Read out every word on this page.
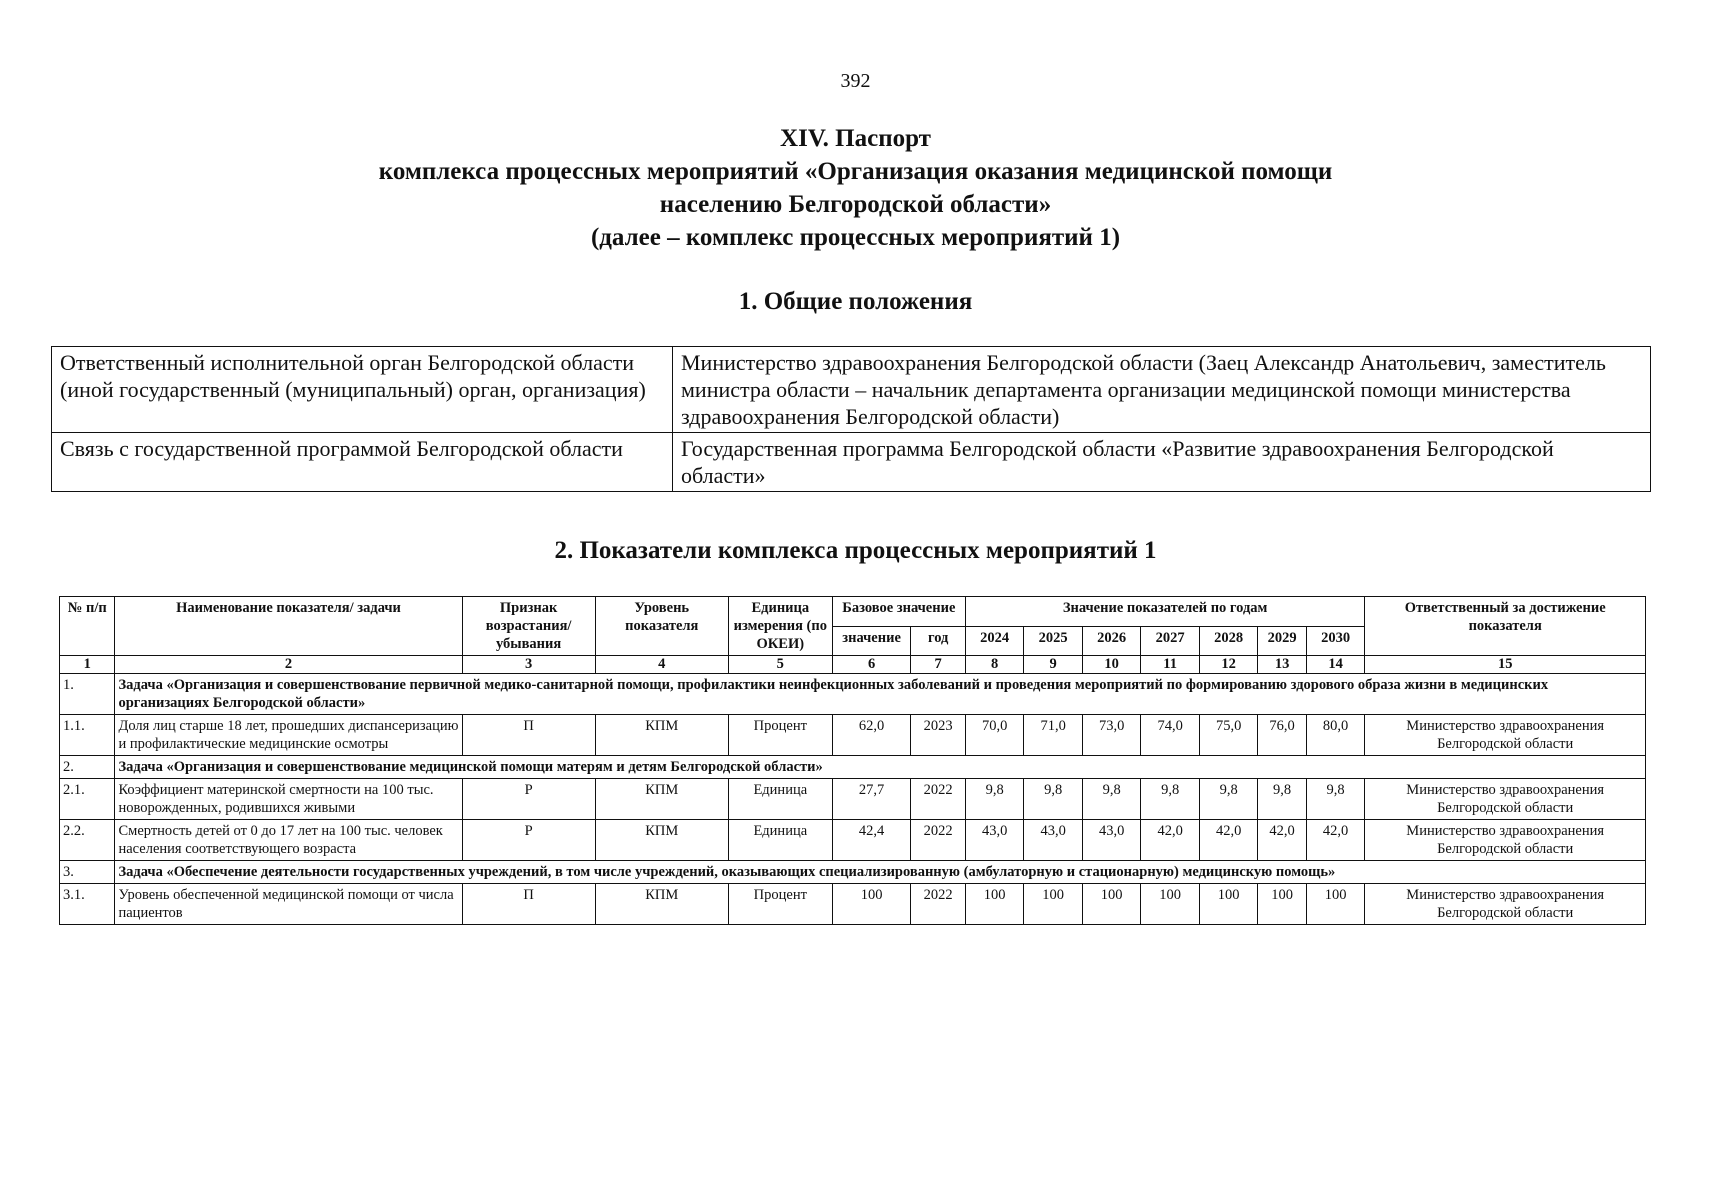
392
XIV. Паспорт
комплекса процессных мероприятий «Организация оказания медицинской помощи
населению Белгородской области»
(далее – комплекс процессных мероприятий 1)
1. Общие положения
Ответственный исполнительной орган Белгородской области (иной государственный (муниципальный) орган, организация)	Министерство здравоохранения Белгородской области (Заец Александр Анатольевич, заместитель министра области – начальник департамента организации медицинской помощи министерства здравоохранения Белгородской области)
Связь с государственной программой Белгородской области	Государственная программа Белгородской области «Развитие здравоохранения Белгородской области»
2. Показатели комплекса процессных мероприятий 1
№ п/п	Наименование показателя/ задачи	Признак возрастания/ убывания	Уровень показателя	Единица измерения (по ОКЕИ)	Базовое значение		Значение показателей по годам							Ответственный за достижение показателя
					значение	год	2024	2025	2026	2027	2028	2029	2030	
1	2	3	4	5	6	7	8	9	10	11	12	13	14	15
1.	Задача «Организация и совершенствование первичной медико-санитарной помощи, профилактики неинфекционных заболеваний и проведения мероприятий по формированию здорового образа жизни в медицинских организациях Белгородской области»													
1.1.	Доля лиц старше 18 лет, прошедших диспансеризацию и профилактические медицинские осмотры	П	КПМ	Процент	62,0	2023	70,0	71,0	73,0	74,0	75,0	76,0	80,0	Министерство здравоохранения Белгородской области
2.	Задача «Организация и совершенствование медицинской помощи матерям и детям Белгородской области»													
2.1.	Коэффициент материнской смертности на 100 тыс. новорожденных, родившихся живыми	Р	КПМ	Единица	27,7	2022	9,8	9,8	9,8	9,8	9,8	9,8	9,8	Министерство здравоохранения Белгородской области
2.2.	Смертность детей от 0 до 17 лет на 100 тыс. человек населения соответствующего возраста	Р	КПМ	Единица	42,4	2022	43,0	43,0	43,0	42,0	42,0	42,0	42,0	Министерство здравоохранения Белгородской области
3.	Задача «Обеспечение деятельности государственных учреждений, в том числе учреждений, оказывающих специализированную (амбулаторную и стационарную) медицинскую помощь»													
3.1.	Уровень обеспеченной медицинской помощи от числа пациентов	П	КПМ	Процент	100	2022	100	100	100	100	100	100	100	Министерство здравоохранения Белгородской области
